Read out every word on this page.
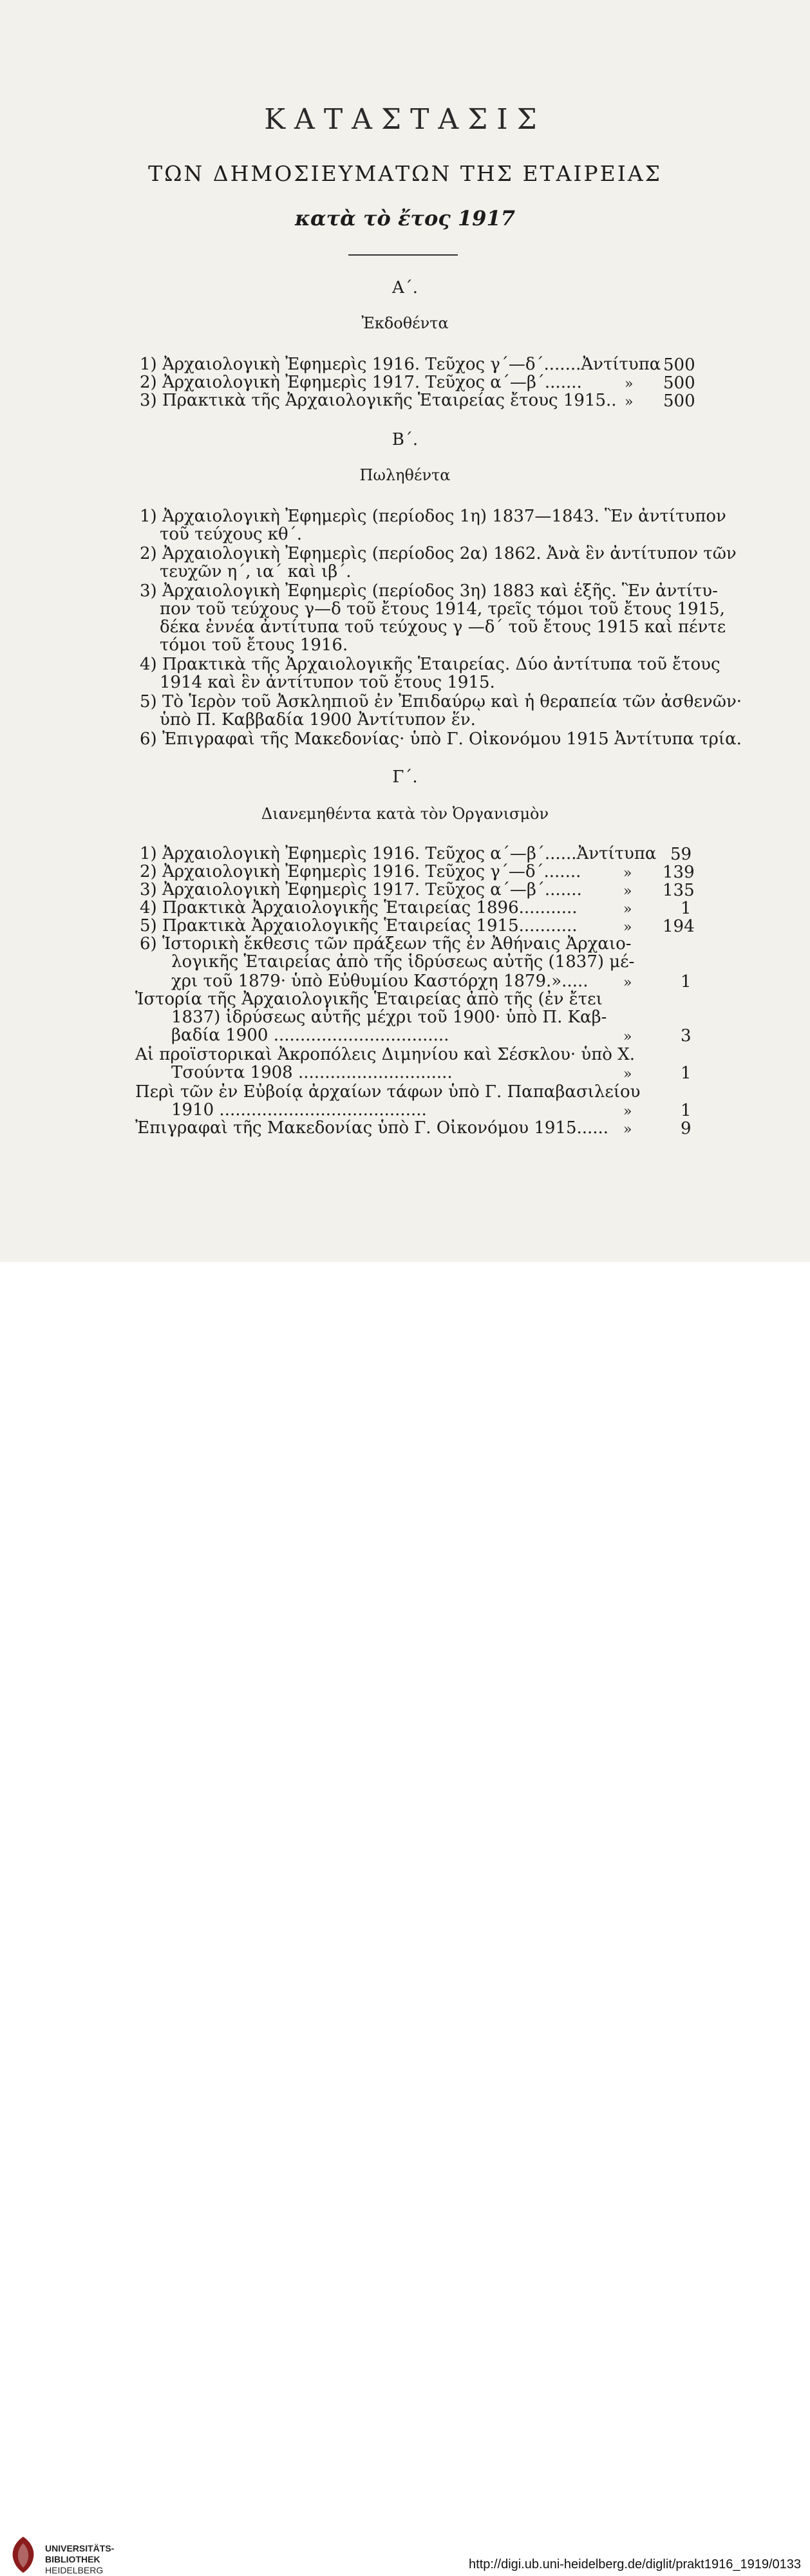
ΚΑΤΑΣΤΑΣΙΣ
ΤΩΝ ΔΗΜΟΣΙΕΥΜΑΤΩΝ ΤΗΣ ΕΤΑΙΡΕΙΑΣ
κατὰ τὸ ἔτος 1917
Α΄.
Ἐκδοθέντα
1) Ἀρχαιολογικὴ Ἐφημερὶς 1916. Τεῦχος γ΄—δ΄.......Ἀντίτυπα
2) Ἀρχαιολογικὴ Ἐφημερὶς 1917. Τεῦχος α΄—β΄.......
3) Πρακτικὰ τῆς Ἀρχαιολογικῆς Ἑταιρείας ἔτους 1915..
»
»
500
500
500
Β΄.
Πωληθέντα
1) Ἀρχαιολογικὴ Ἐφημερὶς (περίοδος 1η) 1837—1843. Ἓν ἀντίτυπον
τοῦ τεύχους κθ΄.
2) Ἀρχαιολογικὴ Ἐφημερὶς (περίοδος 2α) 1862. Ἀνὰ ἓν ἀντίτυπον τῶν
τευχῶν η΄, ια΄ καὶ ιβ΄.
3) Ἀρχαιολογικὴ Ἐφημερὶς (περίοδος 3η) 1883 καὶ ἑξῆς. Ἓν ἀντίτυ-
πον τοῦ τεύχους γ—δ τοῦ ἔτους 1914, τρεῖς τόμοι τοῦ ἔτους 1915,
δέκα ἐννέα ἀντίτυπα τοῦ τεύχους γ —δ΄ τοῦ ἔτους 1915 καὶ πέντε
τόμοι τοῦ ἔτους 1916.
4) Πρακτικὰ τῆς Ἀρχαιολογικῆς Ἑταιρείας. Δύο ἀντίτυπα τοῦ ἔτους
1914 καὶ ἓν ἀντίτυπον τοῦ ἔτους 1915.
5) Τὸ Ἱερὸν τοῦ Ἀσκληπιοῦ ἐν Ἐπιδαύρῳ καὶ ἡ θεραπεία τῶν ἀσθενῶν·
ὑπὸ Π. Καββαδία 1900 Ἀντίτυπον ἕν.
6) Ἐπιγραφαὶ τῆς Μακεδονίας· ὑπὸ Γ. Οἰκονόμου 1915 Ἀντίτυπα τρία.
Γ΄.
Διανεμηθέντα κατὰ τὸν Ὀργανισμὸν
1) Ἀρχαιολογικὴ Ἐφημερὶς 1916. Τεῦχος α΄—β΄......Ἀντίτυπα
2) Ἀρχαιολογικὴ Ἐφημερὶς 1916. Τεῦχος γ΄—δ΄.......
3) Ἀρχαιολογικὴ Ἐφημερὶς 1917. Τεῦχος α΄—β΄.......
4) Πρακτικὰ Ἀρχαιολογικῆς Ἑταιρείας 1896...........
5) Πρακτικὰ Ἀρχαιολογικῆς Ἑταιρείας 1915...........
6) Ἱστορικὴ ἔκθεσις τῶν πράξεων τῆς ἐν Ἀθήναις Ἀρχαιο-
λογικῆς Ἑταιρείας ἀπὸ τῆς ἱδρύσεως αὐτῆς (1837) μέ-
χρι τοῦ 1879· ὑπὸ Εὐθυμίου Καστόρχη 1879.».....
Ἱστορία τῆς Ἀρχαιολογικῆς Ἑταιρείας ἀπὸ τῆς (ἐν ἔτει
1837) ἱδρύσεως αὐτῆς μέχρι τοῦ 1900· ὑπὸ Π. Καβ-
βαδία 1900 .................................
Αἱ προϊστορικαὶ Ἀκροπόλεις Διμηνίου καὶ Σέσκλου· ὑπὸ Χ.
Τσούντα 1908 .............................
Περὶ τῶν ἐν Εὐβοίᾳ ἀρχαίων τάφων ὑπὸ Γ. Παπαβασιλείου
1910 .......................................
Ἐπιγραφαὶ τῆς Μακεδονίας ὑπὸ Γ. Οἰκονόμου 1915......
»
»
»
»
»
»
»
»
»
59
139
135
1
194
1
3
1
1
9
UNIVERSITÄTS-
BIBLIOTHEK
HEIDELBERG	http://digi.ub.uni-heidelberg.de/diglit/prakt1916_1919/0133
